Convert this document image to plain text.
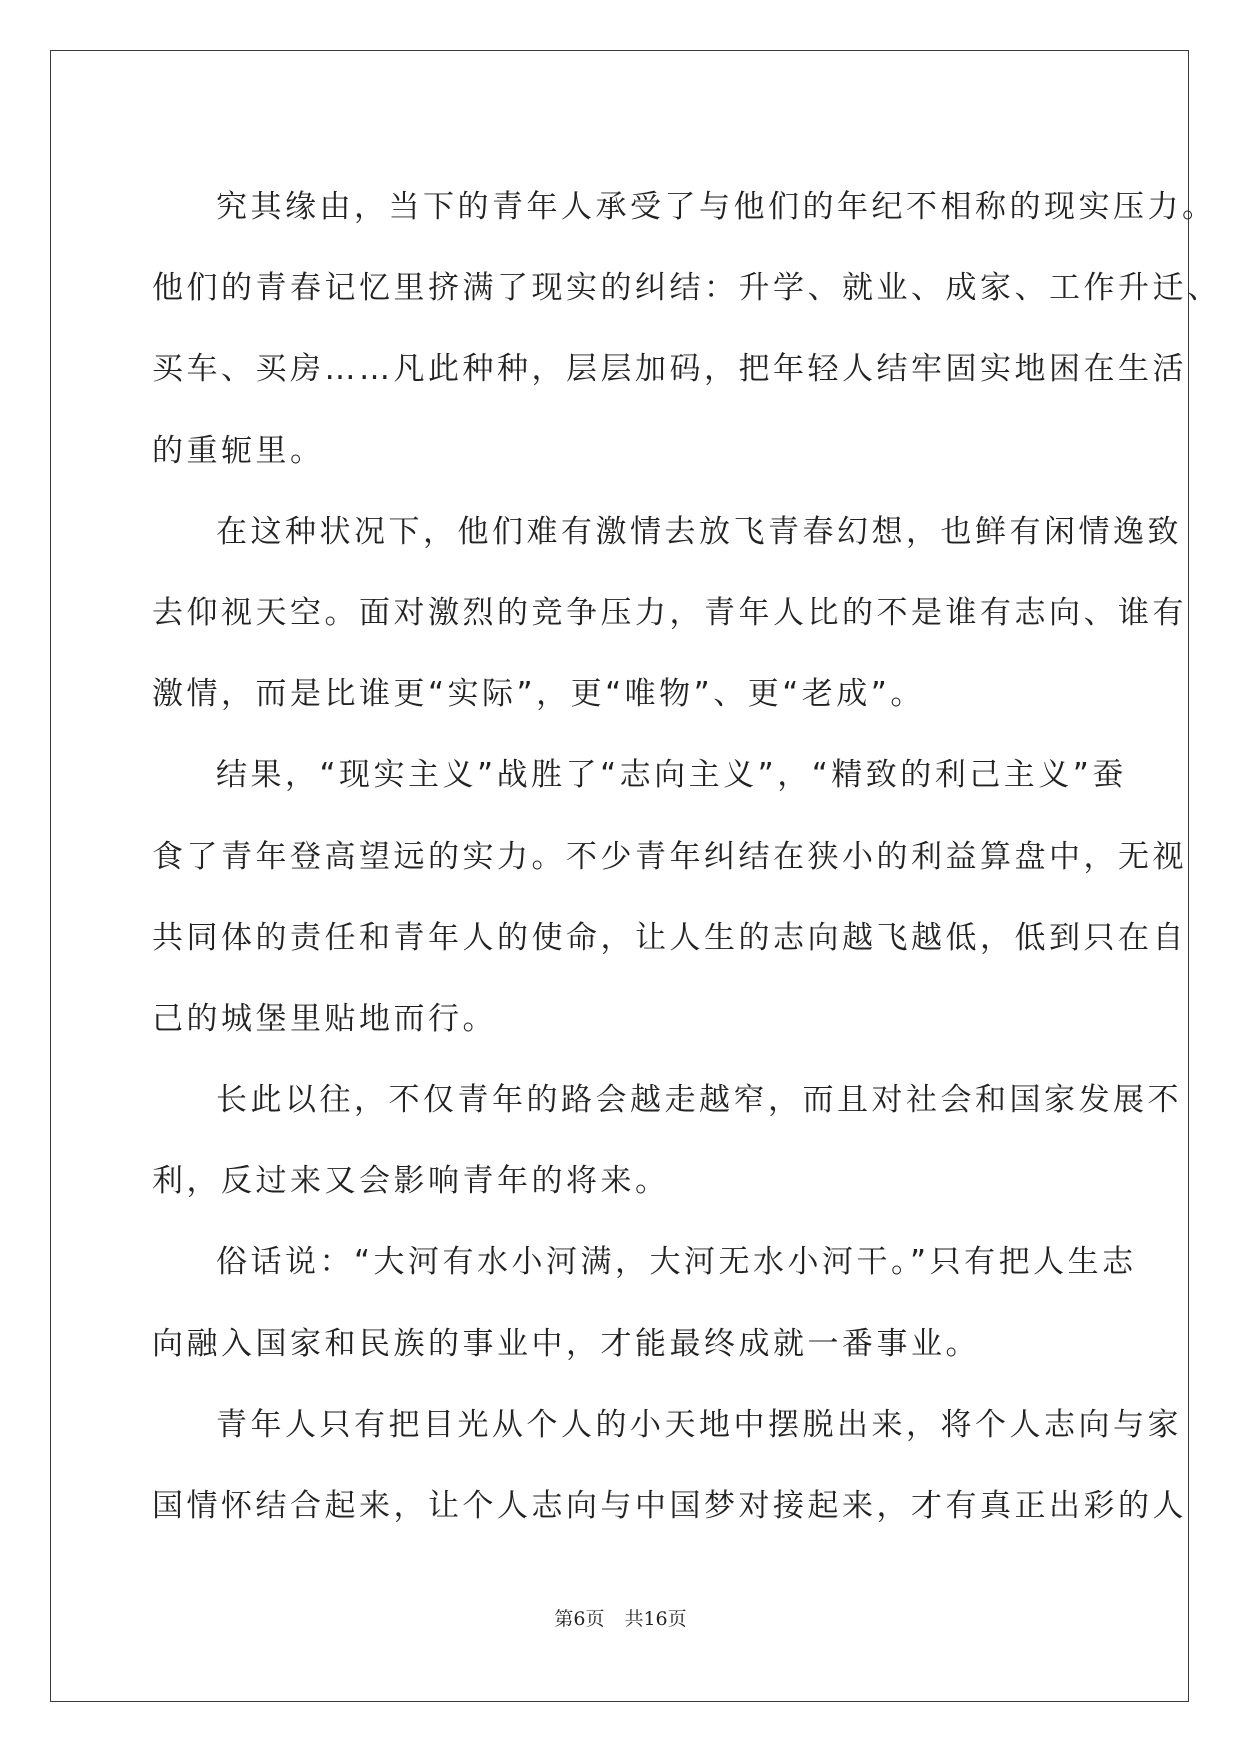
究其缘由，当下的青年人承受了与他们的年纪不相称的现实压力。
他们的青春记忆里挤满了现实的纠结：升学、就业、成家、工作升迁、
买车、买房……凡此种种，层层加码，把年轻人结牢固实地困在生活
的重轭里。
在这种状况下，他们难有激情去放飞青春幻想，也鲜有闲情逸致
去仰视天空。面对激烈的竞争压力，青年人比的不是谁有志向、谁有
激情，而是比谁更“实际”，更“唯物”、更“老成”。
结果，“现实主义”战胜了“志向主义”，“精致的利己主义”蚕
食了青年登高望远的实力。不少青年纠结在狭小的利益算盘中，无视
共同体的责任和青年人的使命，让人生的志向越飞越低，低到只在自
己的城堡里贴地而行。
长此以往，不仅青年的路会越走越窄，而且对社会和国家发展不
利，反过来又会影响青年的将来。
俗话说：“大河有水小河满，大河无水小河干。”只有把人生志
向融入国家和民族的事业中，才能最终成就一番事业。
青年人只有把目光从个人的小天地中摆脱出来，将个人志向与家
国情怀结合起来，让个人志向与中国梦对接起来，才有真正出彩的人
第6页 共16页
